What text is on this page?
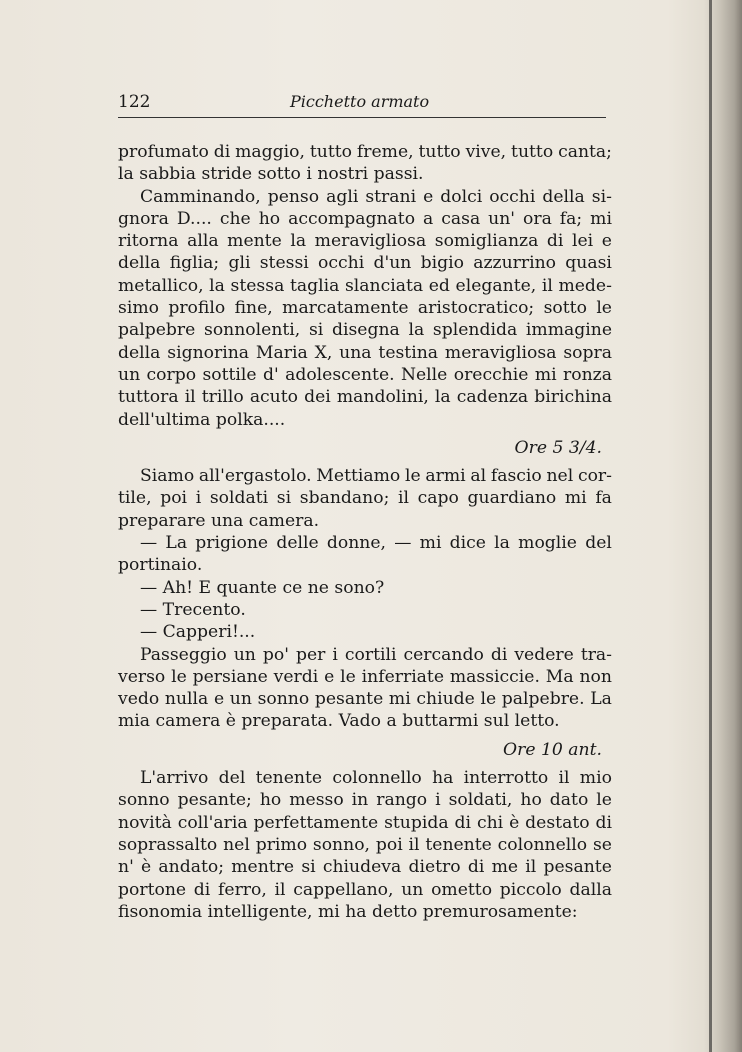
122	Picchetto armato
profumato di maggio, tutto freme, tutto vive, tutto canta;
la sabbia stride sotto i nostri passi.
Camminando, penso agli strani e dolci occhi della si-
gnora D.... che ho accompagnato a casa un' ora fa; mi
ritorna alla mente la meravigliosa somiglianza di lei e
della figlia; gli stessi occhi d'un bigio azzurrino quasi
metallico, la stessa taglia slanciata ed elegante, il mede-
simo profilo fine, marcatamente aristocratico; sotto le
palpebre sonnolenti, si disegna la splendida immagine
della signorina Maria X, una testina meravigliosa sopra
un corpo sottile d' adolescente. Nelle orecchie mi ronza
tuttora il trillo acuto dei mandolini, la cadenza birichina
dell'ultima polka....
Ore 5 3/4.
Siamo all'ergastolo. Mettiamo le armi al fascio nel cor-
tile, poi i soldati si sbandano; il capo guardiano mi fa
preparare una camera.
— La prigione delle donne, — mi dice la moglie del
portinaio.
— Ah! E quante ce ne sono?
— Trecento.
— Capperi!...
Passeggio un po' per i cortili cercando di vedere tra-
verso le persiane verdi e le inferriate massiccie. Ma non
vedo nulla e un sonno pesante mi chiude le palpebre. La
mia camera è preparata. Vado a buttarmi sul letto.
Ore 10 ant.
L'arrivo del tenente colonnello ha interrotto il mio
sonno pesante; ho messo in rango i soldati, ho dato le
novità coll'aria perfettamente stupida di chi è destato di
soprassalto nel primo sonno, poi il tenente colonnello se
n' è andato; mentre si chiudeva dietro di me il pesante
portone di ferro, il cappellano, un ometto piccolo dalla
fisonomia intelligente, mi ha detto premurosamente:
